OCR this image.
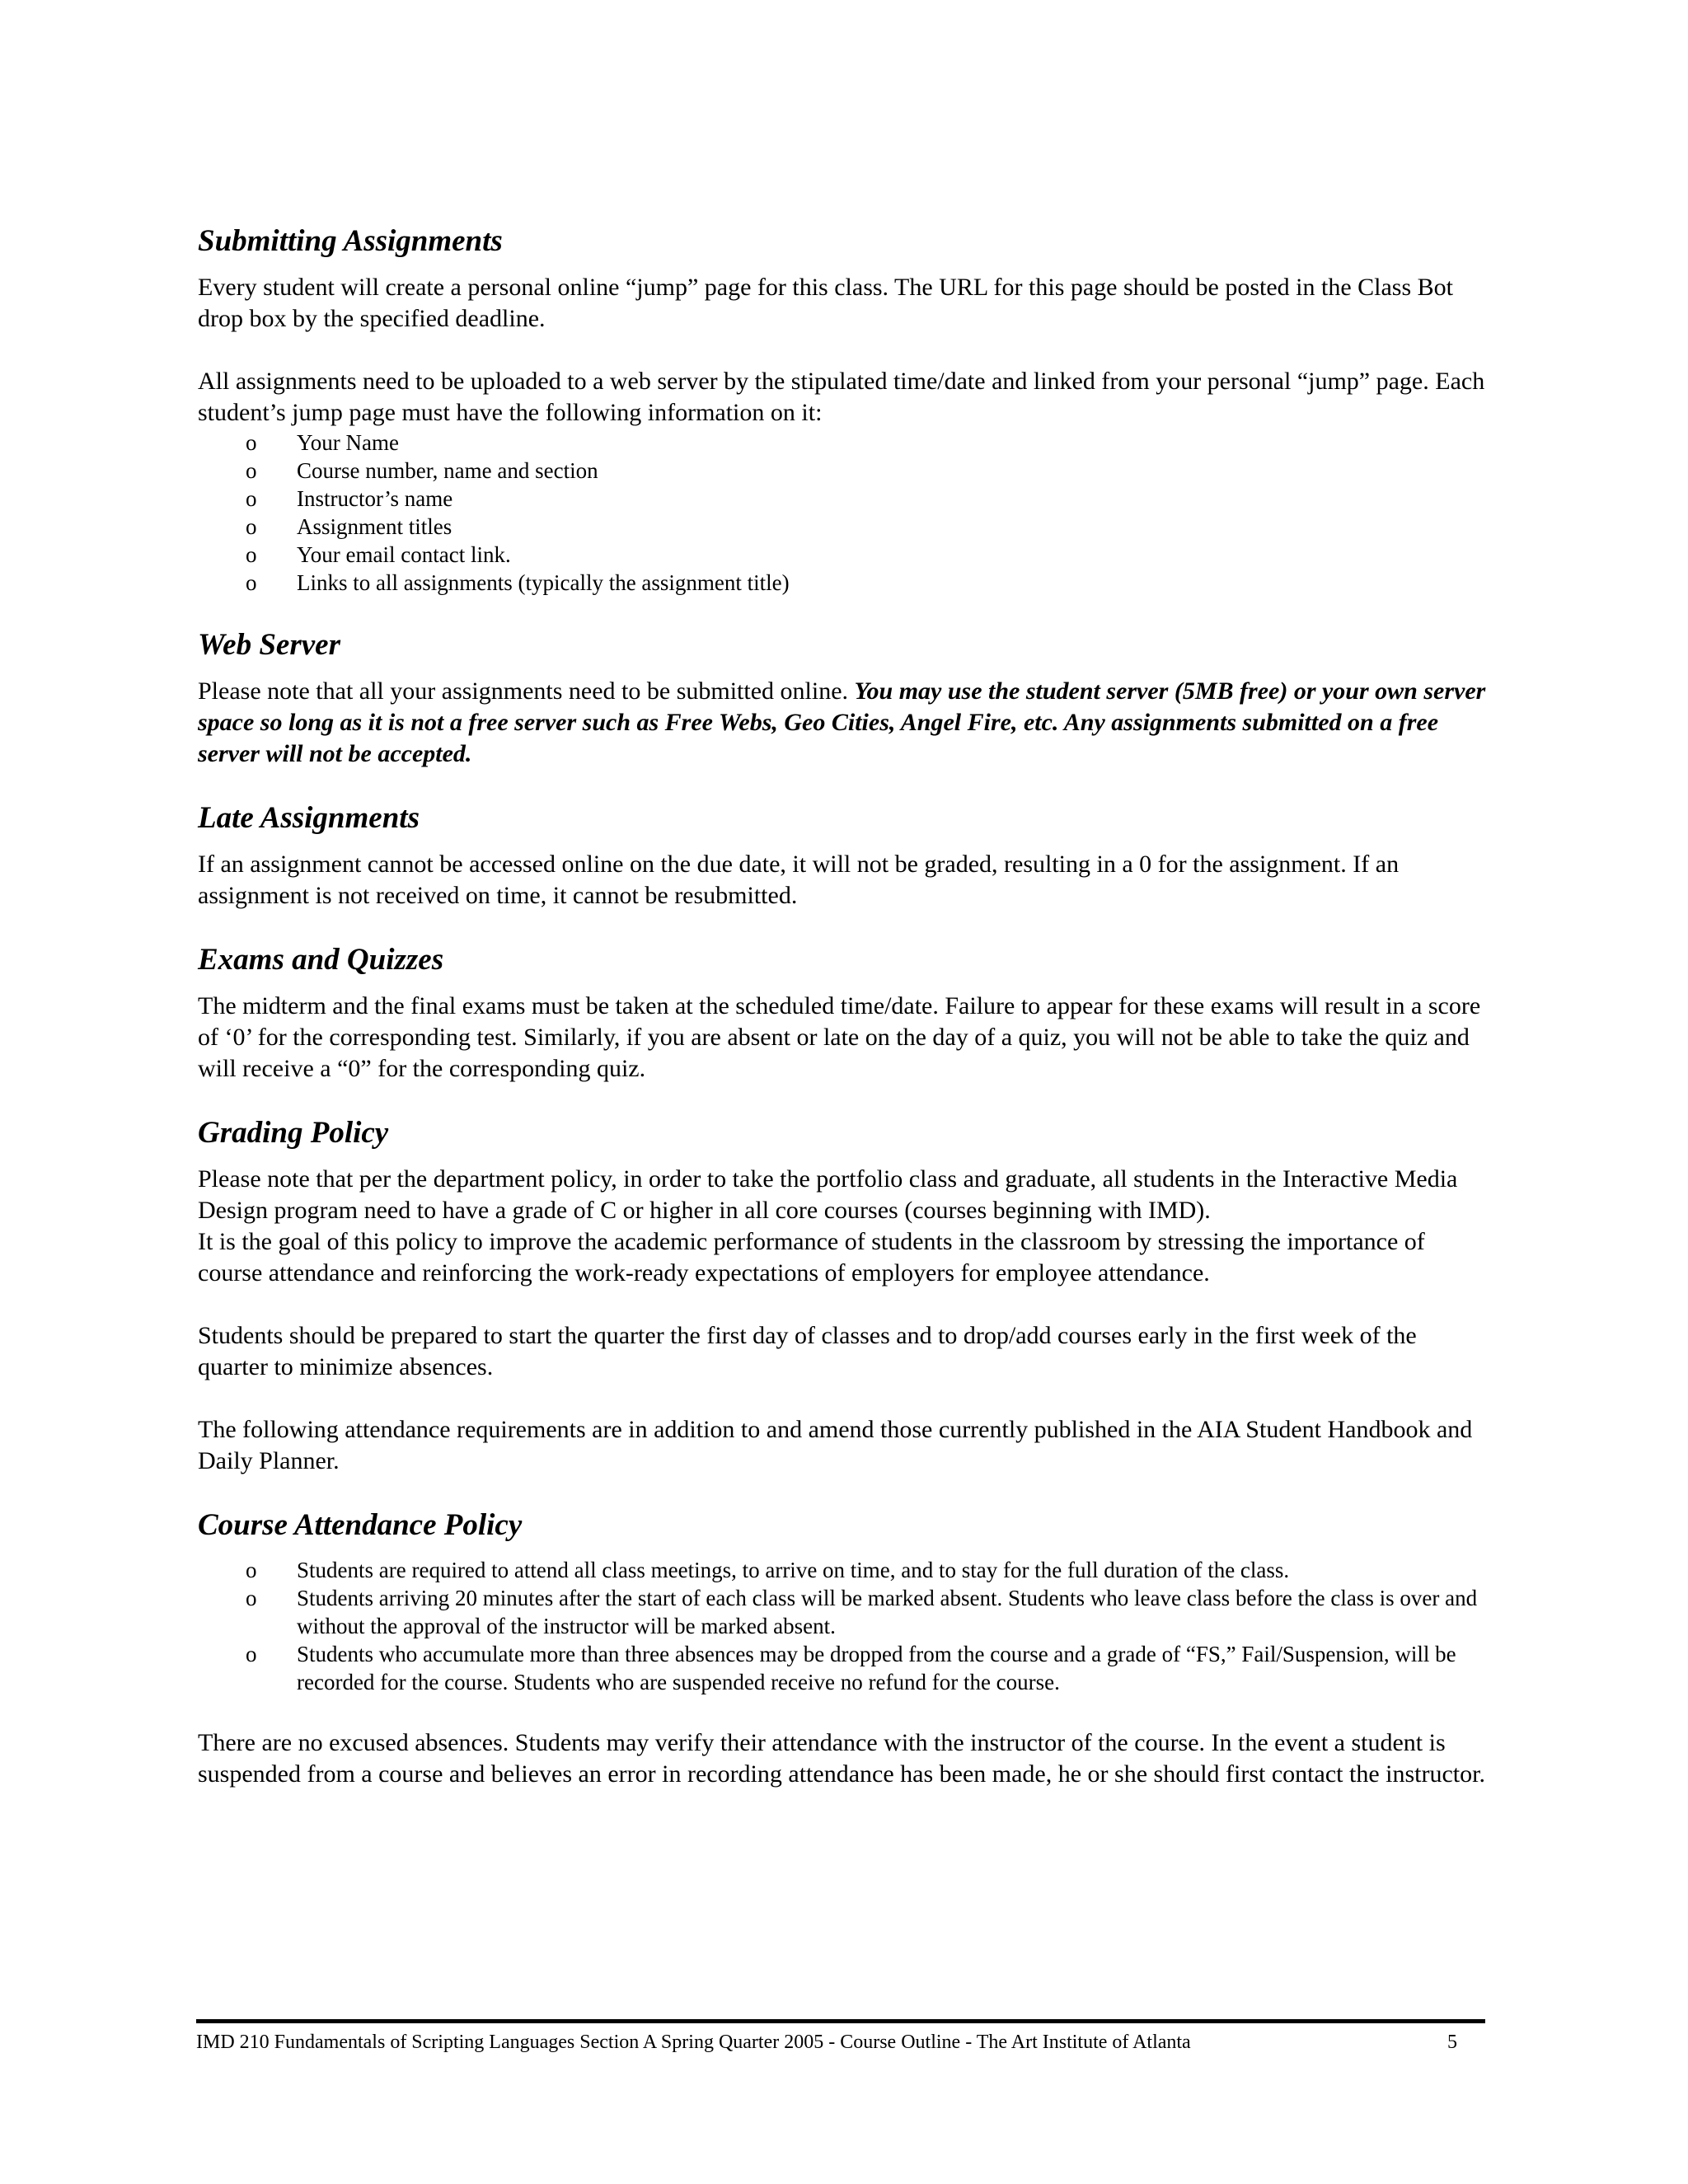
Submitting Assignments

Every student will create a personal online “jump” page for this class. The URL for this page should be posted in the Class Bot drop box by the specified deadline.

All assignments need to be uploaded to a web server by the stipulated time/date and linked from your personal “jump” page. Each student’s jump page must have the following information on it:

o Your Name
o Course number, name and section
o Instructor’s name
o Assignment titles
o Your email contact link.
o Links to all assignments (typically the assignment title)
Web Server

Please note that all your assignments need to be submitted online. You may use the student server (5MB free) or your own server space so long as it is not a free server such as Free Webs, Geo Cities, Angel Fire, etc. Any assignments submitted on a free server will not be accepted.

Late Assignments

If an assignment cannot be accessed online on the due date, it will not be graded, resulting in a 0 for the assignment. If an assignment is not received on time, it cannot be resubmitted.

Exams and Quizzes

The midterm and the final exams must be taken at the scheduled time/date. Failure to appear for these exams will result in a score of ‘0’ for the corresponding test. Similarly, if you are absent or late on the day of a quiz, you will not be able to take the quiz and will receive a “0” for the corresponding quiz.

Grading Policy

Please note that per the department policy, in order to take the portfolio class and graduate, all students in the Interactive Media Design program need to have a grade of C or higher in all core courses (courses beginning with IMD).

It is the goal of this policy to improve the academic performance of students in the classroom by stressing the importance of course attendance and reinforcing the work-ready expectations of employers for employee attendance.

Students should be prepared to start the quarter the first day of classes and to drop/add courses early in the first week of the quarter to minimize absences.

The following attendance requirements are in addition to and amend those currently published in the AIA Student Handbook and Daily Planner.

Course Attendance Policy
o Students are required to attend all class meetings, to arrive on time, and to stay for the full duration of the class.
o Students arriving 20 minutes after the start of each class will be marked absent. Students who leave class before the class is over and without the approval of the instructor will be marked absent.
o Students who accumulate more than three absences may be dropped from the course and a grade of “FS,” Fail/Suspension, will be recorded for the course. Students who are suspended receive no refund for the course.

There are no excused absences. Students may verify their attendance with the instructor of the course. In the event a student is suspended from a course and believes an error in recording attendance has been made, he or she should first contact the instructor.

IMD 210 Fundamentals of Scripting Languages Section A Spring Quarter 2005 - Course Outline - The Art Institute of Atlanta	5
